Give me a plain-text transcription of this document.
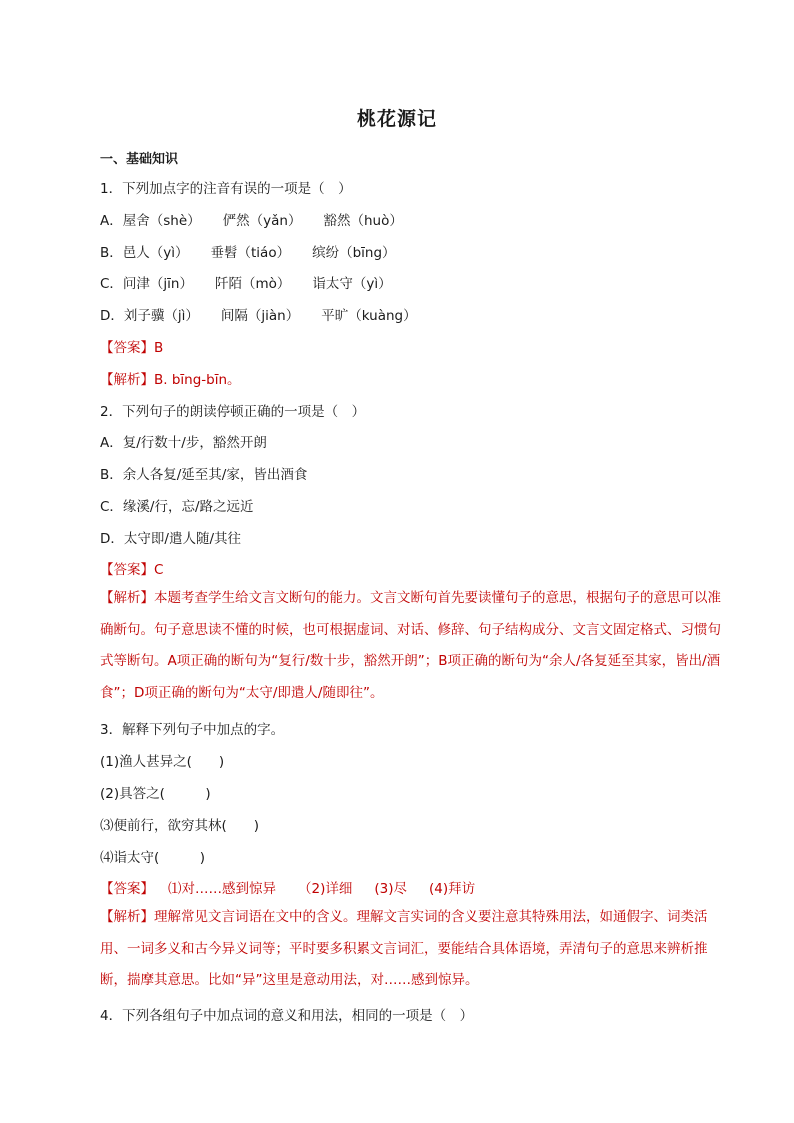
桃花源记
一、基础知识
1．下列加点字的注音有误的一项是（　）
A．屋舍（shè） 俨然（yǎn） 豁然（huò）
B．邑人（yì） 垂髫（tiáo） 缤纷（bīng）
C．问津（jīn） 阡陌（mò） 诣太守（yì）
D．刘子骥（jì） 间隔（jiàn） 平旷（kuàng）
【答案】B
【解析】B. bīng-bīn。
2．下列句子的朗读停顿正确的一项是（　）
A．复/行数十/步，豁然开朗
B．余人各复/延至其/家，皆出酒食
C．缘溪/行，忘/路之远近
D．太守即/遣人随/其往
【答案】C
【解析】本题考查学生给文言文断句的能力。文言文断句首先要读懂句子的意思，根据句子的意思可以准确断句。句子意思读不懂的时候，也可根据虚词、对话、修辞、句子结构成分、文言文固定格式、习惯句式等断句。A项正确的断句为“复行/数十步，豁然开朗”；B项正确的断句为“余人/各复延至其家，皆出/酒食”；D项正确的断句为“太守/即遣人/随即往”。
3．解释下列句子中加点的字。
(1)渔人甚异之(　　)
(2)具答之(　　　)
⑶便前行，欲穷其林(　　)
⑷诣太守(　　　)
【答案】 ⑴对……感到惊异 （2)详细 (3)尽 (4)拜访
【解析】理解常见文言词语在文中的含义。理解文言实词的含义要注意其特殊用法，如通假字、词类活用、一词多义和古今异义词等；平时要多积累文言词汇，要能结合具体语境，弄清句子的意思来辨析推断，揣摩其意思。比如“异”这里是意动用法，对……感到惊异。
4．下列各组句子中加点词的意义和用法，相同的一项是（　）
